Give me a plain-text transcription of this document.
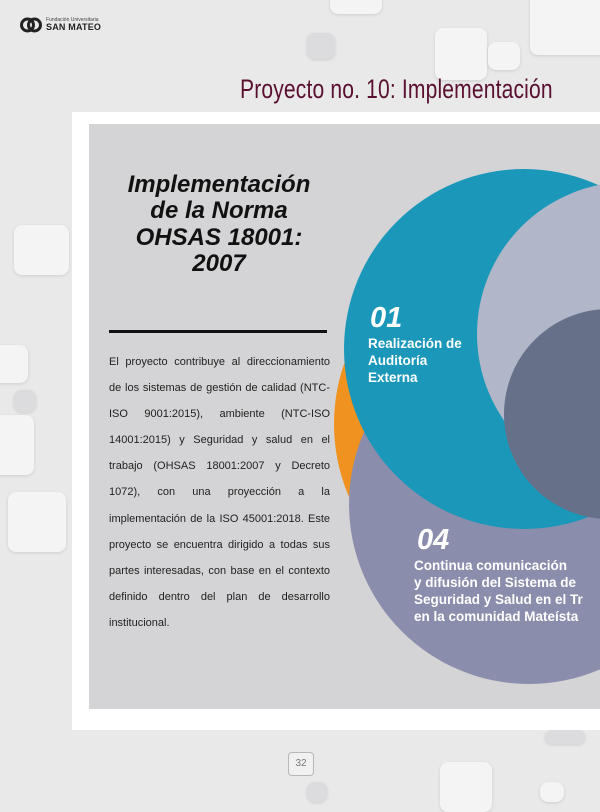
Fundación Universitaria
SAN MATEO
Proyecto no. 10: Implementación
Implementación
de la Norma
OHSAS 18001:
2007
El proyecto contribuye al direccionamiento de los sistemas de gestión de calidad (NTC-ISO 9001:2015), ambiente (NTC-ISO 14001:2015) y Seguridad y salud en el trabajo (OHSAS 18001:2007 y Decreto 1072), con una proyección a la implementación de la ISO 45001:2018. Este proyecto se encuentra dirigido a todas sus partes interesadas, con base en el contexto definido dentro del plan de desarrollo institucional.
01
Realización de
Auditoría
Externa
04
Continua comunicación
y difusión del Sistema de
Seguridad y Salud en el Tr
en la comunidad Mateísta
32
